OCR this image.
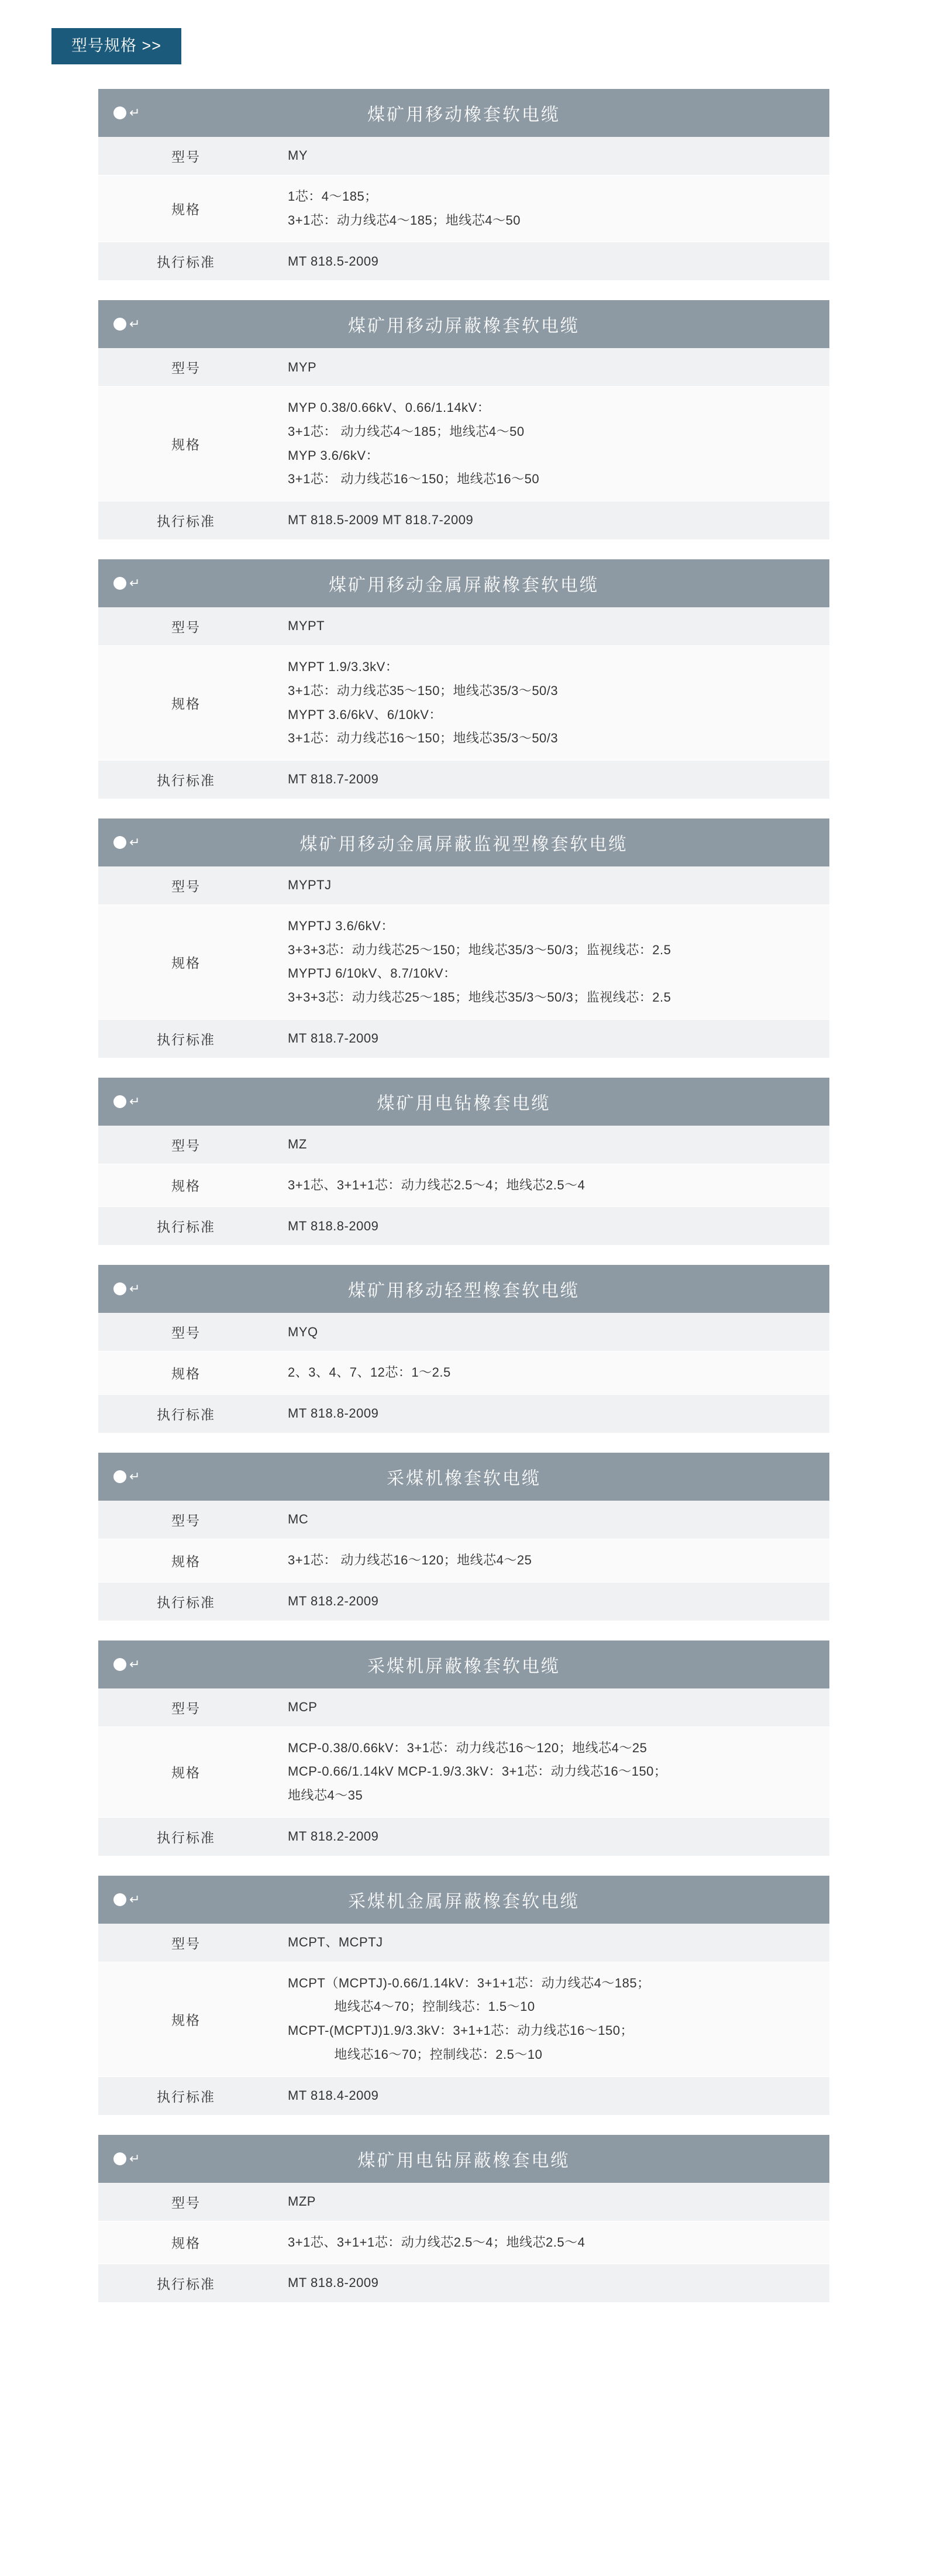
型号规格 >>
↵	煤矿用移动橡套软电缆
型号	MY
规格
1芯：4～185；
3+1芯：动力线芯4～185；地线芯4～50
执行标准	MT 818.5-2009
↵	煤矿用移动屏蔽橡套软电缆
型号	MYP
规格
MYP 0.38/0.66kV、0.66/1.14kV：
3+1芯： 动力线芯4～185；地线芯4～50
MYP 3.6/6kV：
3+1芯： 动力线芯16～150；地线芯16～50
执行标准	MT 818.5-2009 MT 818.7-2009
↵	煤矿用移动金属屏蔽橡套软电缆
型号	MYPT
规格
MYPT 1.9/3.3kV：
3+1芯：动力线芯35～150；地线芯35/3～50/3
MYPT 3.6/6kV、6/10kV：
3+1芯：动力线芯16～150；地线芯35/3～50/3
执行标准	MT 818.7-2009
↵	煤矿用移动金属屏蔽监视型橡套软电缆
型号	MYPTJ
规格
MYPTJ 3.6/6kV：
3+3+3芯：动力线芯25～150；地线芯35/3～50/3；监视线芯：2.5
MYPTJ 6/10kV、8.7/10kV：
3+3+3芯：动力线芯25～185；地线芯35/3～50/3；监视线芯：2.5
执行标准	MT 818.7-2009
↵	煤矿用电钻橡套电缆
型号	MZ
规格	3+1芯、3+1+1芯：动力线芯2.5～4；地线芯2.5～4
执行标准	MT 818.8-2009
↵	煤矿用移动轻型橡套软电缆
型号	MYQ
规格	2、3、4、7、12芯：1～2.5
执行标准	MT 818.8-2009
↵	采煤机橡套软电缆
型号	MC
规格	3+1芯： 动力线芯16～120；地线芯4～25
执行标准	MT 818.2-2009
↵	采煤机屏蔽橡套软电缆
型号	MCP
规格
MCP-0.38/0.66kV：3+1芯：动力线芯16～120；地线芯4～25
MCP-0.66/1.14kV MCP-1.9/3.3kV：3+1芯：动力线芯16～150；
地线芯4～35
执行标准	MT 818.2-2009
↵	采煤机金属屏蔽橡套软电缆
型号	MCPT、MCPTJ
规格
MCPT（MCPTJ)-0.66/1.14kV：3+1+1芯：动力线芯4～185；
地线芯4～70；控制线芯：1.5～10
MCPT-(MCPTJ)1.9/3.3kV：3+1+1芯：动力线芯16～150；
地线芯16～70；控制线芯：2.5～10
执行标准	MT 818.4-2009
↵	煤矿用电钻屏蔽橡套电缆
型号	MZP
规格	3+1芯、3+1+1芯：动力线芯2.5～4；地线芯2.5～4
执行标准	MT 818.8-2009
